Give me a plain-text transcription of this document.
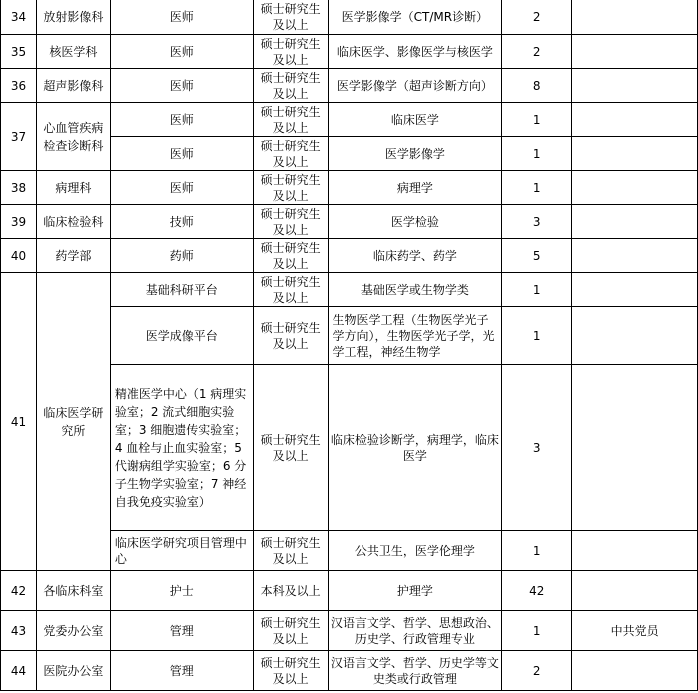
34	放射影像科	医师	硕士研究生及以上	医学影像学（CT/MR诊断）	2	
35	核医学科	医师	硕士研究生及以上	临床医学、影像医学与核医学	2	
36	超声影像科	医师	硕士研究生及以上	医学影像学（超声诊断方向）	8	
37	心血管疾病检查诊断科	医师	硕士研究生及以上	临床医学	1	
		医师	硕士研究生及以上	医学影像学	1	
38	病理科	医师	硕士研究生及以上	病理学	1	
39	临床检验科	技师	硕士研究生及以上	医学检验	3	
40	药学部	药师	硕士研究生及以上	临床药学、药学	5	
41	临床医学研究所	基础科研平台	硕士研究生及以上	基础医学或生物学类	1	
		医学成像平台	硕士研究生及以上	生物医学工程（生物医学光子学方向），生物医学光子学，光学工程，神经生物学	1	
		精准医学中心（1 病理实验室；2 流式细胞实验室；3 细胞遗传实验室；4 血栓与止血实验室；5 代谢病组学实验室；6 分子生物学实验室；7 神经自我免疫实验室）	硕士研究生及以上	临床检验诊断学，病理学，临床医学	3	
		临床医学研究项目管理中心	硕士研究生及以上	公共卫生，医学伦理学	1	
42	各临床科室	护士	本科及以上	护理学	42	
43	党委办公室	管理	硕士研究生及以上	汉语言文学、哲学、思想政治、历史学、行政管理专业	1	中共党员
44	医院办公室	管理	硕士研究生及以上	汉语言文学、哲学、历史学等文史类或行政管理	2	
